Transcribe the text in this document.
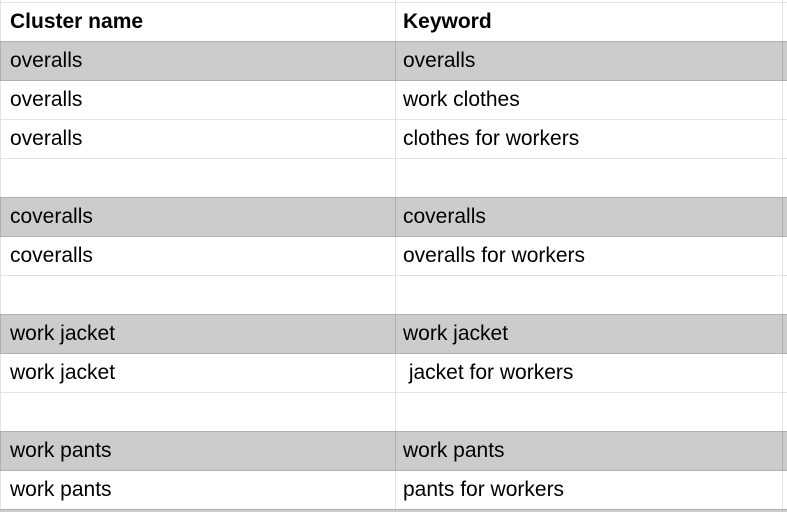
Cluster name	Keyword
overalls	overalls
overalls	work clothes
overalls	clothes for workers
coveralls	coveralls
coveralls	overalls for workers
work jacket	work jacket
work jacket	jacket for workers
work pants	work pants
work pants	pants for workers
